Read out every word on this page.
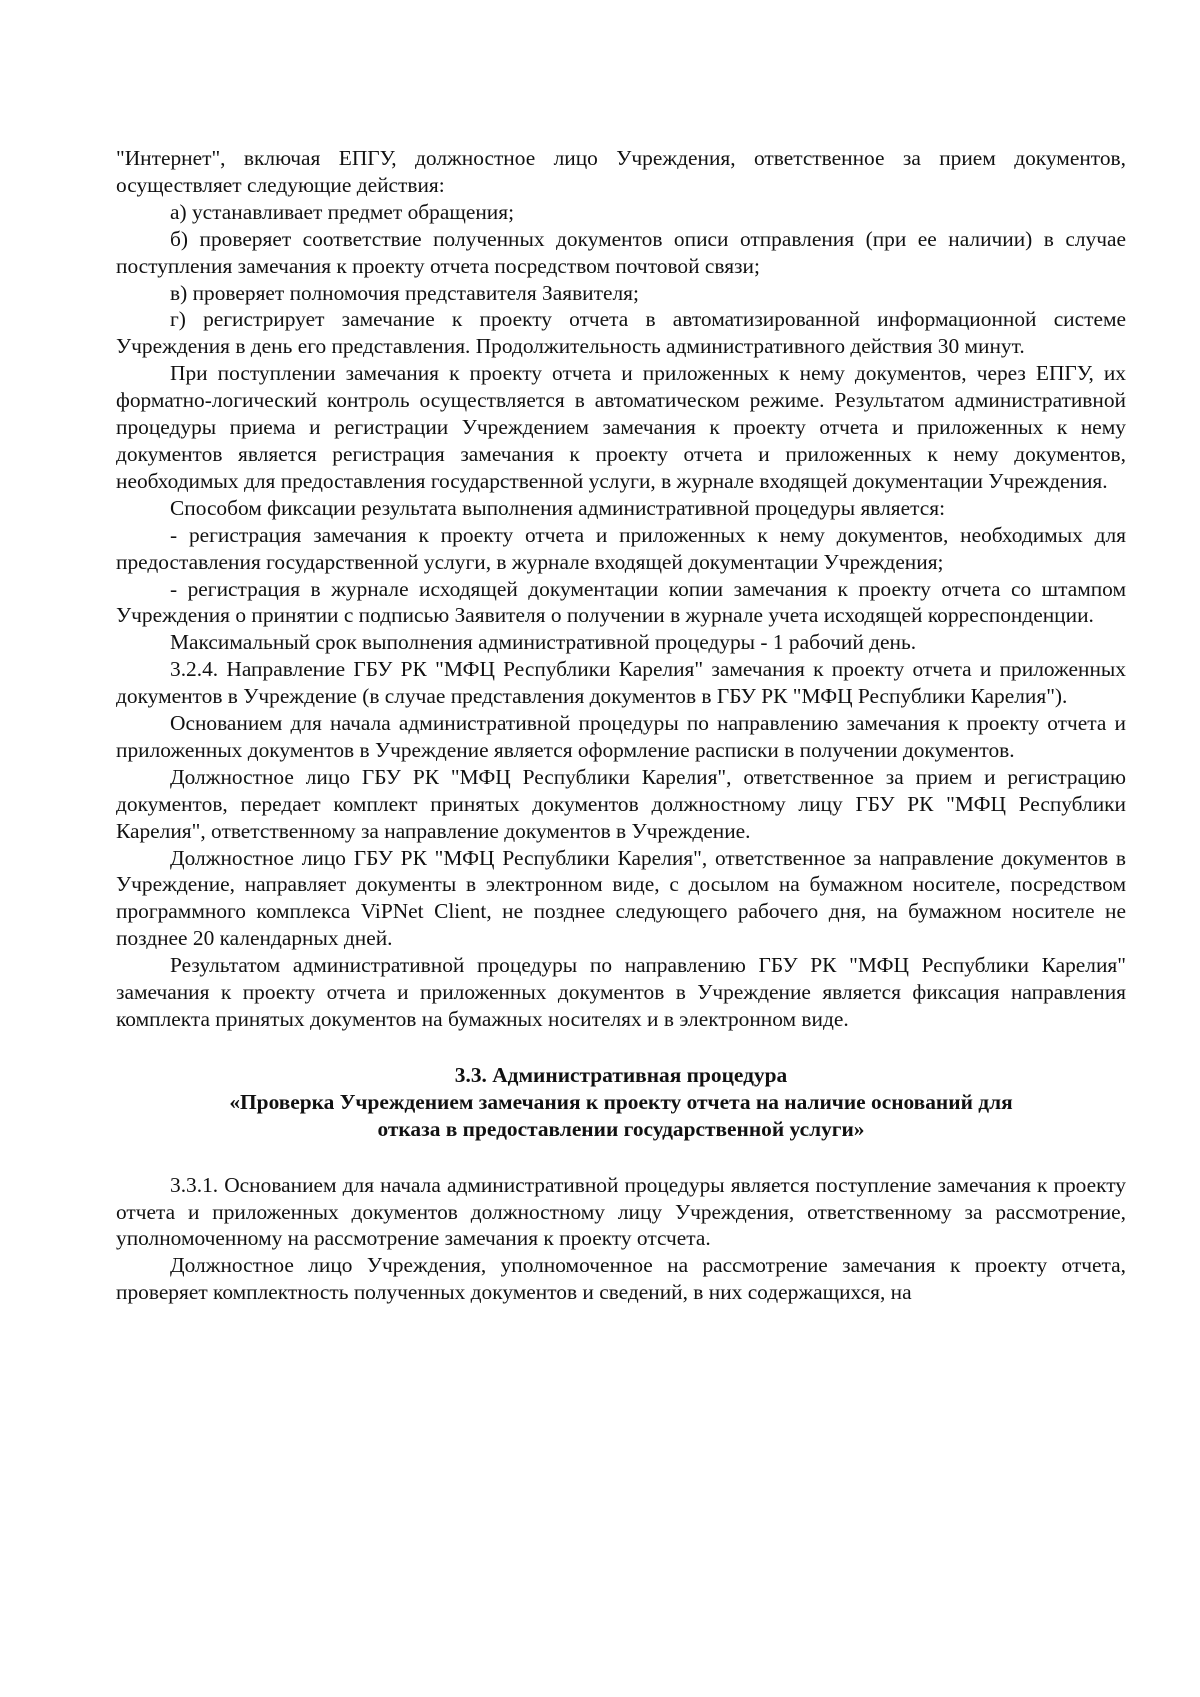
"Интернет", включая ЕПГУ, должностное лицо Учреждения, ответственное за прием документов, осуществляет следующие действия:

а) устанавливает предмет обращения;

б) проверяет соответствие полученных документов описи отправления (при ее наличии) в случае поступления замечания к проекту отчета посредством почтовой связи;

в) проверяет полномочия представителя Заявителя;

г) регистрирует замечание к проекту отчета в автоматизированной информационной системе Учреждения в день его представления. Продолжительность административного действия 30 минут.

При поступлении замечания к проекту отчета и приложенных к нему документов, через ЕПГУ, их форматно-логический контроль осуществляется в автоматическом режиме. Результатом административной процедуры приема и регистрации Учреждением замечания к проекту отчета и приложенных к нему документов является регистрация замечания к проекту отчета и приложенных к нему документов, необходимых для предоставления государственной услуги, в журнале входящей документации Учреждения.

Способом фиксации результата выполнения административной процедуры является:

- регистрация замечания к проекту отчета и приложенных к нему документов, необходимых для предоставления государственной услуги, в журнале входящей документации Учреждения;

- регистрация в журнале исходящей документации копии замечания к проекту отчета со штампом Учреждения о принятии с подписью Заявителя о получении в журнале учета исходящей корреспонденции.

Максимальный срок выполнения административной процедуры - 1 рабочий день.

3.2.4. Направление ГБУ РК "МФЦ Республики Карелия" замечания к проекту отчета и приложенных документов в Учреждение (в случае представления документов в ГБУ РК "МФЦ Республики Карелия").

Основанием для начала административной процедуры по направлению замечания к проекту отчета и приложенных документов в Учреждение является оформление расписки в получении документов.

Должностное лицо ГБУ РК "МФЦ Республики Карелия", ответственное за прием и регистрацию документов, передает комплект принятых документов должностному лицу ГБУ РК "МФЦ Республики Карелия", ответственному за направление документов в Учреждение.

Должностное лицо ГБУ РК "МФЦ Республики Карелия", ответственное за направление документов в Учреждение, направляет документы в электронном виде, с досылом на бумажном носителе, посредством программного комплекса ViPNet Client, не позднее следующего рабочего дня, на бумажном носителе не позднее 20 календарных дней.

Результатом административной процедуры по направлению ГБУ РК "МФЦ Республики Карелия" замечания к проекту отчета и приложенных документов в Учреждение является фиксация направления комплекта принятых документов на бумажных носителях и в электронном виде.

3.3. Административная процедура
«Проверка Учреждением замечания к проекту отчета на наличие оснований для
отказа в предоставлении государственной услуги»

3.3.1. Основанием для начала административной процедуры является поступление замечания к проекту отчета и приложенных документов должностному лицу Учреждения, ответственному за рассмотрение, уполномоченному на рассмотрение замечания к проекту отсчета.

Должностное лицо Учреждения, уполномоченное на рассмотрение замечания к проекту отчета, проверяет комплектность полученных документов и сведений, в них содержащихся, на
